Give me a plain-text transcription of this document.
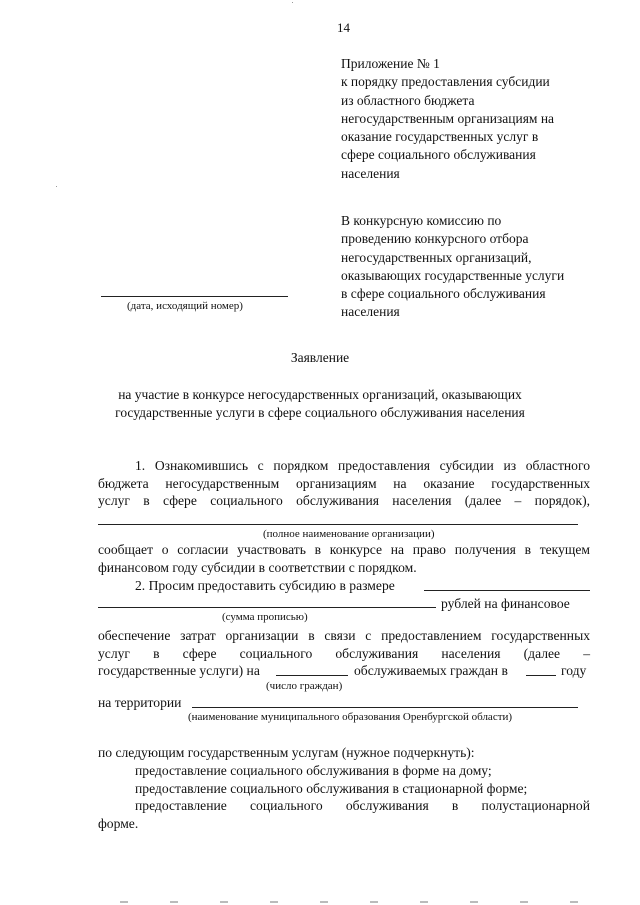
14
Приложение № 1
к порядку предоставления субсидии
из областного бюджета
негосударственным организациям на
оказание государственных услуг в
сфере социального обслуживания
населения
В конкурсную комиссию по
проведению конкурсного отбора
негосударственных организаций,
оказывающих государственные услуги
в сфере социального обслуживания
населения
(дата, исходящий номер)
Заявление
на участие в конкурсе негосударственных организаций, оказывающих
государственные услуги в сфере социального обслуживания населения
1. Ознакомившись с порядком предоставления субсидии из областного
бюджета негосударственным организациям на оказание государственных
услуг в сфере социального обслуживания населения (далее – порядок),
(полное наименование организации)
сообщает о согласии участвовать в конкурсе на право получения в текущем
финансовом году субсидии в соответствии с порядком.
2. Просим предоставить субсидию в размере
рублей на финансовое
(сумма прописью)
обеспечение затрат организации в связи с предоставлением государственных
услуг в сфере социального обслуживания населения (далее –
государственные услуги) на	обслуживаемых граждан в	году
(число граждан)
на территории
(наименование муниципального образования Оренбургской области)
по следующим государственным услугам (нужное подчеркнуть):
предоставление социального обслуживания в форме на дому;
предоставление социального обслуживания в стационарной форме;
предоставление социального обслуживания в полустационарной
форме.
